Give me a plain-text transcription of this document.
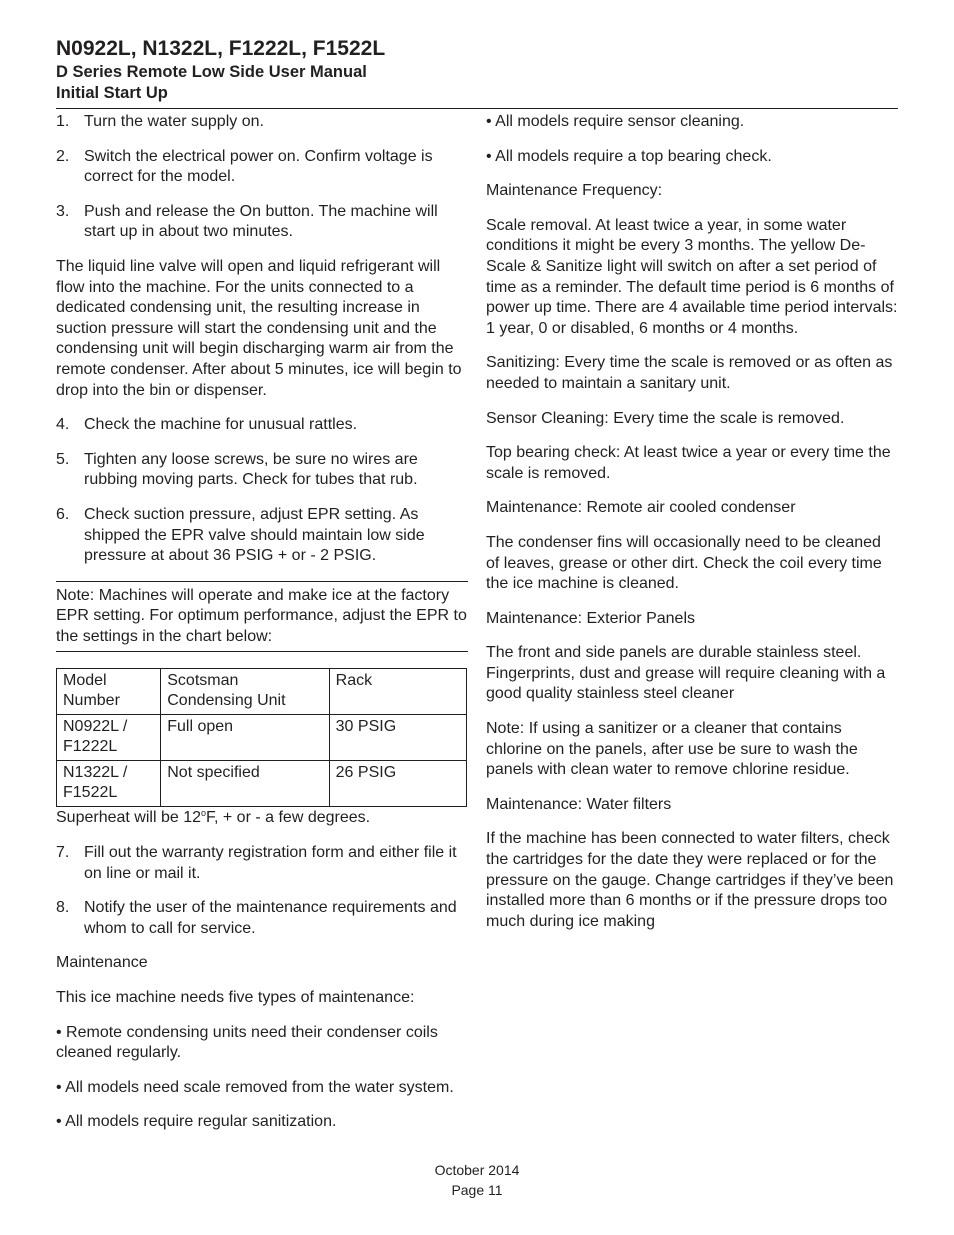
N0922L, N1322L, F1222L, F1522L
D Series Remote Low Side User Manual
Initial Start Up
1. Turn the water supply on.
2. Switch the electrical power on. Confirm voltage is correct for the model.
3. Push and release the On button. The machine will start up in about two minutes.

The liquid line valve will open and liquid refrigerant will flow into the machine. For the units connected to a dedicated condensing unit, the resulting increase in suction pressure will start the condensing unit and the condensing unit will begin discharging warm air from the remote condenser. After about 5 minutes, ice will begin to drop into the bin or dispenser.

4. Check the machine for unusual rattles.
5. Tighten any loose screws, be sure no wires are rubbing moving parts. Check for tubes that rub.
6. Check suction pressure, adjust EPR setting. As shipped the EPR valve should maintain low side pressure at about 36 PSIG + or - 2 PSIG.
Note: Machines will operate and make ice at the factory EPR setting. For optimum performance, adjust the EPR to the settings in the chart below:
Model Number	Scotsman Condensing Unit	Rack
N0922L / F1222L	Full open	30 PSIG
N1322L / F1522L	Not specified	26 PSIG

Superheat will be $12^oF$, + or - a few degrees.

7. Fill out the warranty registration form and either file it on line or mail it.
8. Notify the user of the maintenance requirements and whom to call for service.

Maintenance

This ice machine needs five types of maintenance:

• Remote condensing units need their condenser coils cleaned regularly.

• All models need scale removed from the water system.

• All models require regular sanitization.

• All models require sensor cleaning.

• All models require a top bearing check.

Maintenance Frequency:

Scale removal. At least twice a year, in some water conditions it might be every 3 months. The yellow De-Scale & Sanitize light will switch on after a set period of time as a reminder. The default time period is 6 months of power up time. There are 4 available time period intervals: 1 year, 0 or disabled, 6 months or 4 months.

Sanitizing: Every time the scale is removed or as often as needed to maintain a sanitary unit.

Sensor Cleaning: Every time the scale is removed.

Top bearing check: At least twice a year or every time the scale is removed.

Maintenance: Remote air cooled condenser

The condenser fins will occasionally need to be cleaned of leaves, grease or other dirt. Check the coil every time the ice machine is cleaned.

Maintenance: Exterior Panels

The front and side panels are durable stainless steel. Fingerprints, dust and grease will require cleaning with a good quality stainless steel cleaner

Note: If using a sanitizer or a cleaner that contains chlorine on the panels, after use be sure to wash the panels with clean water to remove chlorine residue.

Maintenance: Water filters

If the machine has been connected to water filters, check the cartridges for the date they were replaced or for the pressure on the gauge. Change cartridges if they’ve been installed more than 6 months or if the pressure drops too much during ice making

October 2014
Page 11
